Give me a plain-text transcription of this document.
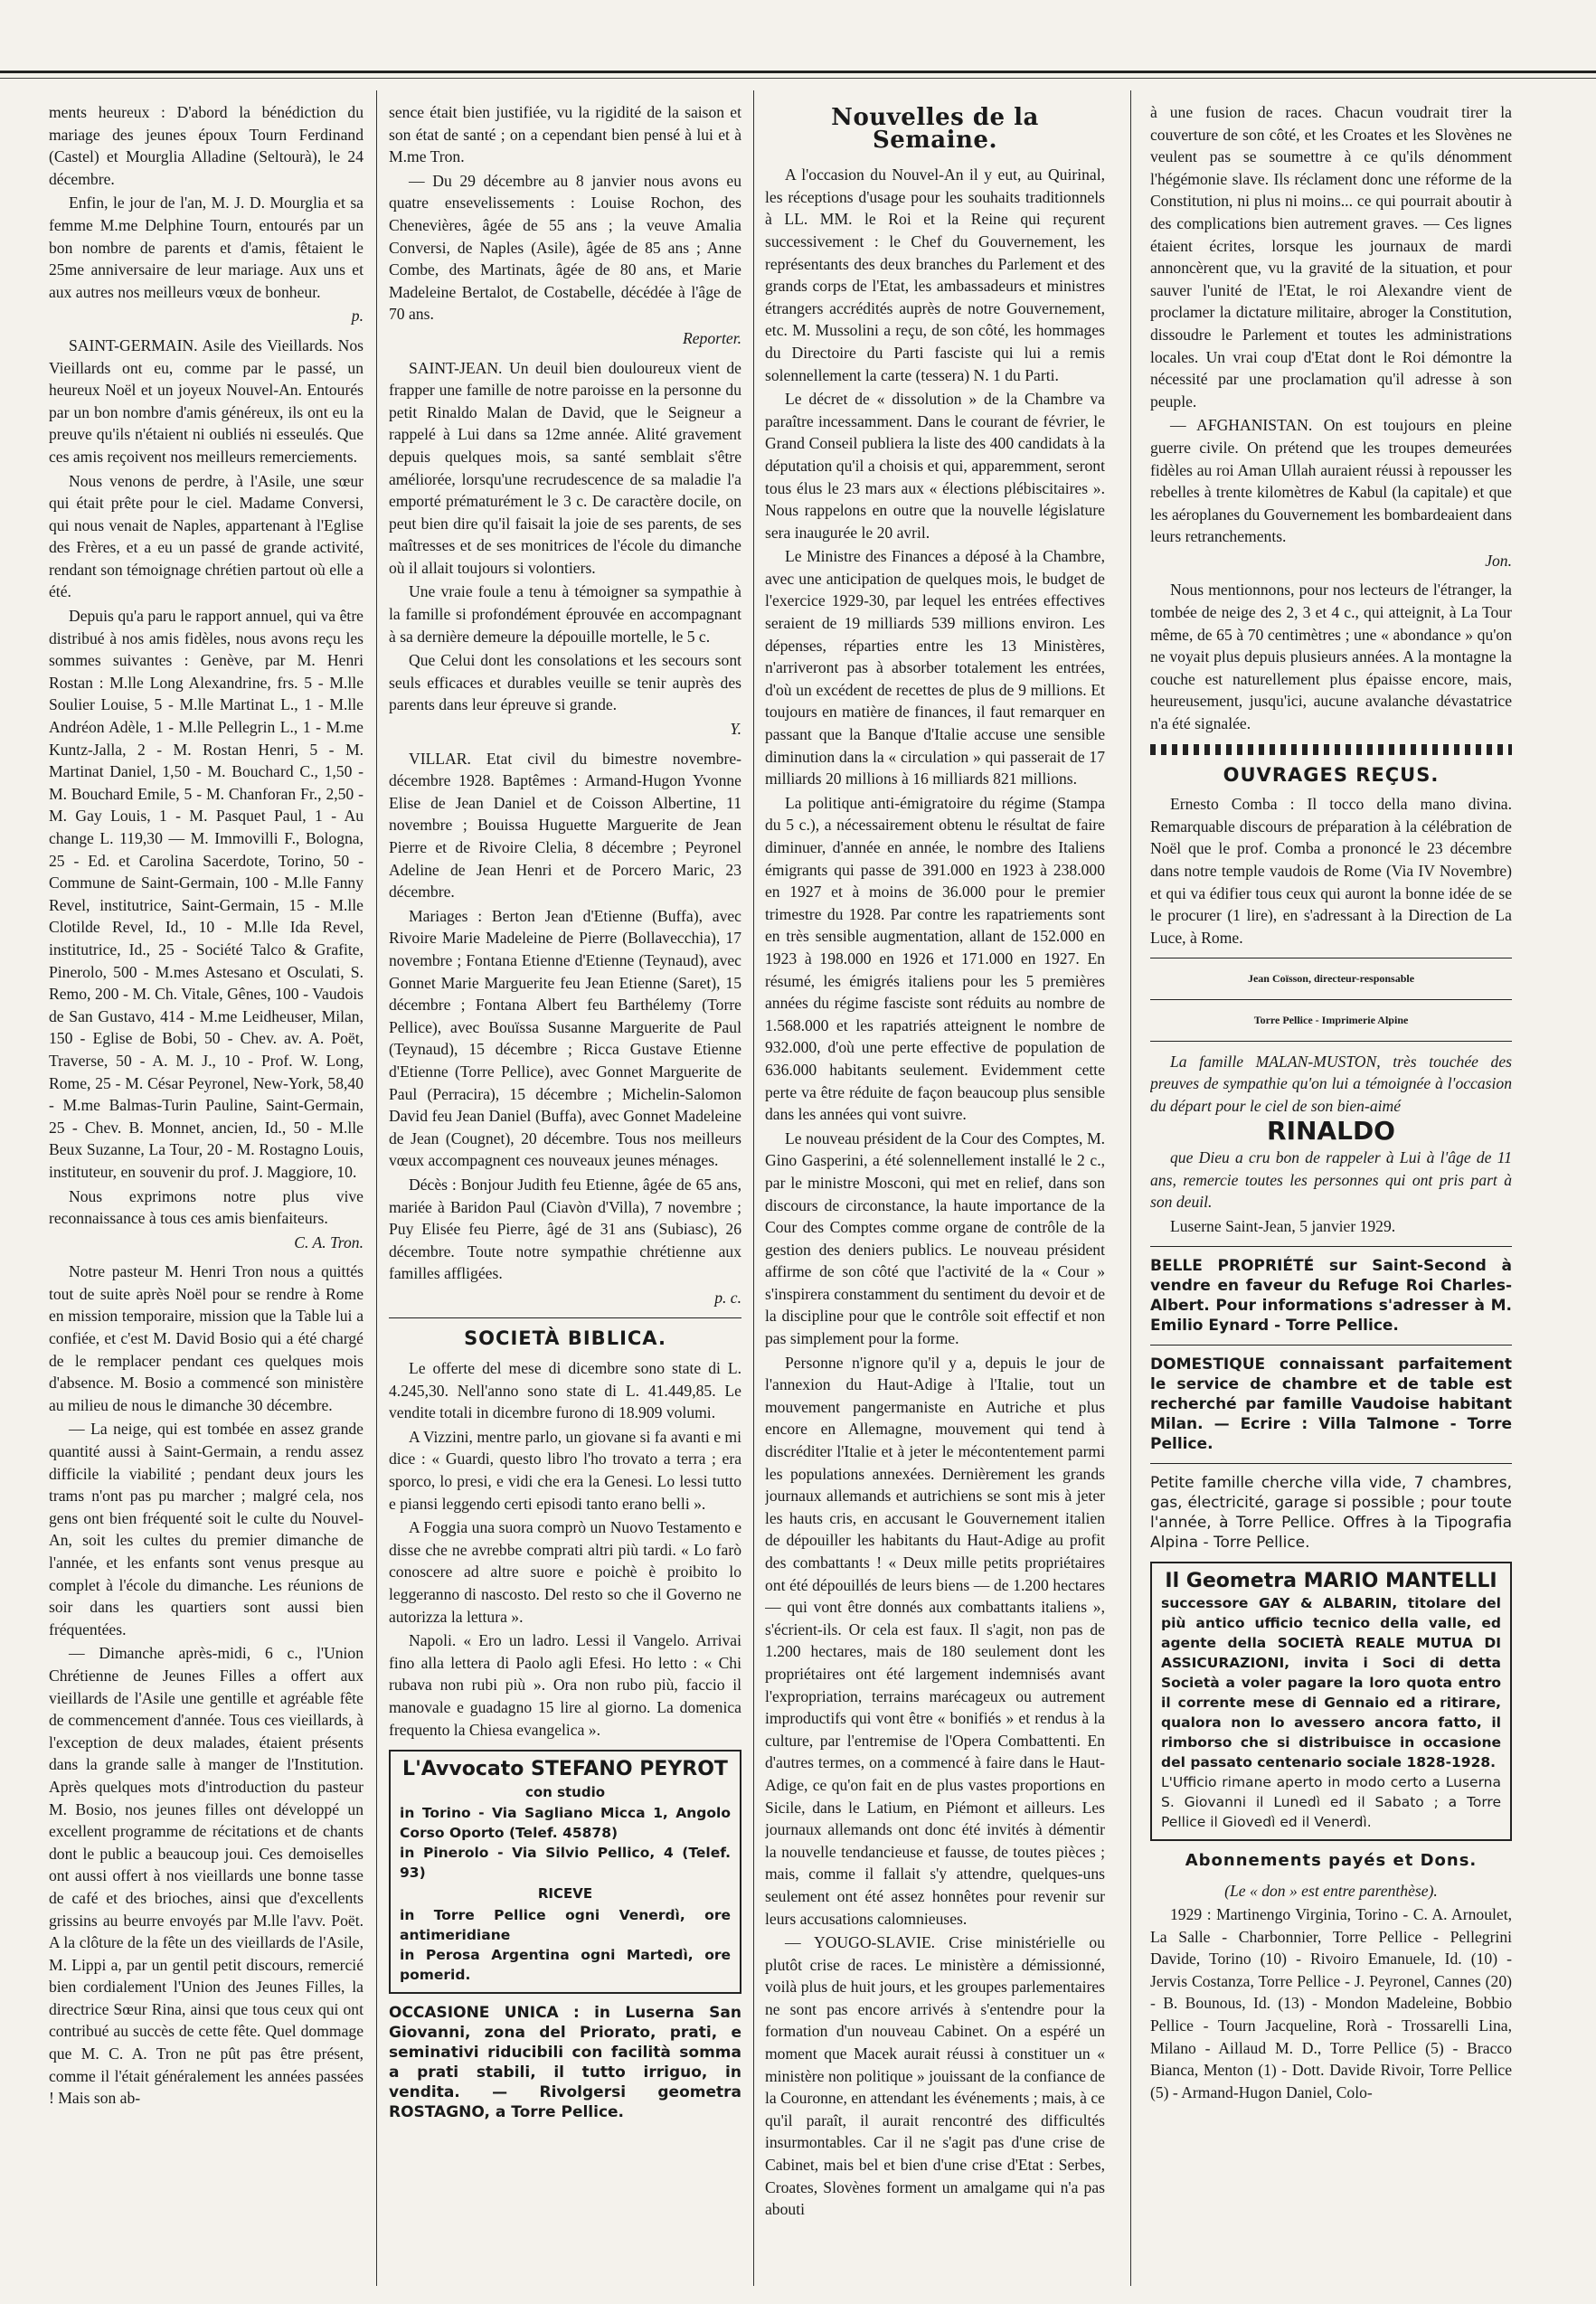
ments heureux : D'abord la bénédiction du mariage des jeunes époux Tourn Ferdinand (Castel) et Mourglia Alladine (Seltourà), le 24 décembre.

Enfin, le jour de l'an, M. J. D. Mourglia et sa femme M.me Delphine Tourn, entourés par un bon nombre de parents et d'amis, fêtaient le 25me anniversaire de leur mariage. Aux uns et aux autres nos meilleurs vœux de bonheur.

p.

SAINT-GERMAIN. Asile des Vieillards. Nos Vieillards ont eu, comme par le passé, un heureux Noël et un joyeux Nouvel-An. Entourés par un bon nombre d'amis généreux, ils ont eu la preuve qu'ils n'étaient ni oubliés ni esseulés. Que ces amis reçoivent nos meilleurs remerciements.

Nous venons de perdre, à l'Asile, une sœur qui était prête pour le ciel. Madame Conversi, qui nous venait de Naples, appartenant à l'Eglise des Frères, et a eu un passé de grande activité, rendant son témoignage chrétien partout où elle a été.

Depuis qu'a paru le rapport annuel, qui va être distribué à nos amis fidèles, nous avons reçu les sommes suivantes : Genève, par M. Henri Rostan : M.lle Long Alexandrine, frs. 5 - M.lle Soulier Louise, 5 - M.lle Martinat L., 1 - M.lle Andréon Adèle, 1 - M.lle Pellegrin L., 1 - M.me Kuntz-Jalla, 2 - M. Rostan Henri, 5 - M. Martinat Daniel, 1,50 - M. Bouchard C., 1,50 - M. Bouchard Emile, 5 - M. Chanforan Fr., 2,50 - M. Gay Louis, 1 - M. Pasquet Paul, 1 - Au change L. 119,30 — M. Immovilli F., Bologna, 25 - Ed. et Carolina Sacerdote, Torino, 50 - Commune de Saint-Germain, 100 - M.lle Fanny Revel, institutrice, Saint-Germain, 15 - M.lle Clotilde Revel, Id., 10 - M.lle Ida Revel, institutrice, Id., 25 - Société Talco & Grafite, Pinerolo, 500 - M.mes Astesano et Osculati, S. Remo, 200 - M. Ch. Vitale, Gênes, 100 - Vaudois de San Gustavo, 414 - M.me Leidheuser, Milan, 150 - Eglise de Bobi, 50 - Chev. av. A. Poët, Traverse, 50 - A. M. J., 10 - Prof. W. Long, Rome, 25 - M. César Peyronel, New-York, 58,40 - M.me Balmas-Turin Pauline, Saint-Germain, 25 - Chev. B. Monnet, ancien, Id., 50 - M.lle Beux Suzanne, La Tour, 20 - M. Rostagno Louis, instituteur, en souvenir du prof. J. Maggiore, 10.

Nous exprimons notre plus vive reconnaissance à tous ces amis bienfaiteurs.

C. A. Tron.

Notre pasteur M. Henri Tron nous a quittés tout de suite après Noël pour se rendre à Rome en mission temporaire, mission que la Table lui a confiée, et c'est M. David Bosio qui a été chargé de le remplacer pendant ces quelques mois d'absence. M. Bosio a commencé son ministère au milieu de nous le dimanche 30 décembre.

— La neige, qui est tombée en assez grande quantité aussi à Saint-Germain, a rendu assez difficile la viabilité ; pendant deux jours les trams n'ont pas pu marcher ; malgré cela, nos gens ont bien fréquenté soit le culte du Nouvel-An, soit les cultes du premier dimanche de l'année, et les enfants sont venus presque au complet à l'école du dimanche. Les réunions de soir dans les quartiers sont aussi bien fréquentées.

— Dimanche après-midi, 6 c., l'Union Chrétienne de Jeunes Filles a offert aux vieillards de l'Asile une gentille et agréable fête de commencement d'année. Tous ces vieillards, à l'exception de deux malades, étaient présents dans la grande salle à manger de l'Institution. Après quelques mots d'introduction du pasteur M. Bosio, nos jeunes filles ont développé un excellent programme de récitations et de chants dont le public a beaucoup joui. Ces demoiselles ont aussi offert à nos vieillards une bonne tasse de café et des brioches, ainsi que d'excellents grissins au beurre envoyés par M.lle l'avv. Poët. A la clôture de la fête un des vieillards de l'Asile, M. Lippi a, par un gentil petit discours, remercié bien cordialement l'Union des Jeunes Filles, la directrice Sœur Rina, ainsi que tous ceux qui ont contribué au succès de cette fête. Quel dommage que M. C. A. Tron ne pût pas être présent, comme il l'était généralement les années passées ! Mais son ab-

sence était bien justifiée, vu la rigidité de la saison et son état de santé ; on a cependant bien pensé à lui et à M.me Tron.

— Du 29 décembre au 8 janvier nous avons eu quatre ensevelissements : Louise Rochon, des Chenevières, âgée de 55 ans ; la veuve Amalia Conversi, de Naples (Asile), âgée de 85 ans ; Anne Combe, des Martinats, âgée de 80 ans, et Marie Madeleine Bertalot, de Costabelle, décédée à l'âge de 70 ans.

Reporter.

SAINT-JEAN. Un deuil bien douloureux vient de frapper une famille de notre paroisse en la personne du petit Rinaldo Malan de David, que le Seigneur a rappelé à Lui dans sa 12me année. Alité gravement depuis quelques mois, sa santé semblait s'être améliorée, lorsqu'une recrudescence de sa maladie l'a emporté prématurément le 3 c. De caractère docile, on peut bien dire qu'il faisait la joie de ses parents, de ses maîtresses et de ses monitrices de l'école du dimanche où il allait toujours si volontiers.

Une vraie foule a tenu à témoigner sa sympathie à la famille si profondément éprouvée en accompagnant à sa dernière demeure la dépouille mortelle, le 5 c.

Que Celui dont les consolations et les secours sont seuls efficaces et durables veuille se tenir auprès des parents dans leur épreuve si grande.

Y.

VILLAR. Etat civil du bimestre novembre-décembre 1928. Baptêmes : Armand-Hugon Yvonne Elise de Jean Daniel et de Coisson Albertine, 11 novembre ; Bouissa Huguette Marguerite de Jean Pierre et de Rivoire Clelia, 8 décembre ; Peyronel Adeline de Jean Henri et de Porcero Maric, 23 décembre.

Mariages : Berton Jean d'Etienne (Buffa), avec Rivoire Marie Madeleine de Pierre (Bollavecchia), 17 novembre ; Fontana Etienne d'Etienne (Teynaud), avec Gonnet Marie Marguerite feu Jean Etienne (Saret), 15 décembre ; Fontana Albert feu Barthélemy (Torre Pellice), avec Bouïssa Susanne Marguerite de Paul (Teynaud), 15 décembre ; Ricca Gustave Etienne d'Etienne (Torre Pellice), avec Gonnet Marguerite de Paul (Perracira), 15 décembre ; Michelin-Salomon David feu Jean Daniel (Buffa), avec Gonnet Madeleine de Jean (Cougnet), 20 décembre. Tous nos meilleurs vœux accompagnent ces nouveaux jeunes ménages.

Décès : Bonjour Judith feu Etienne, âgée de 65 ans, mariée à Baridon Paul (Ciavòn d'Villa), 7 novembre ; Puy Elisée feu Pierre, âgé de 31 ans (Subiasc), 26 décembre. Toute notre sympathie chrétienne aux familles affligées.

p. c.

SOCIETÀ BIBLICA.

Le offerte del mese di dicembre sono state di L. 4.245,30. Nell'anno sono state di L. 41.449,85. Le vendite totali in dicembre furono di 18.909 volumi.

A Vizzini, mentre parlo, un giovane si fa avanti e mi dice : « Guardi, questo libro l'ho trovato a terra ; era sporco, lo presi, e vidi che era la Genesi. Lo lessi tutto e piansi leggendo certi episodi tanto erano belli ».

A Foggia una suora comprò un Nuovo Testamento e disse che ne avrebbe comprati altri più tardi. « Lo farò conoscere ad altre suore e poichè è proibito lo leggeranno di nascosto. Del resto so che il Governo ne autorizza la lettura ».

Napoli. « Ero un ladro. Lessi il Vangelo. Arrivai fino alla lettera di Paolo agli Efesi. Ho letto : « Chi rubava non rubi più ». Ora non rubo più, faccio il manovale e guadagno 15 lire al giorno. La domenica frequento la Chiesa evangelica ».

L'Avvocato STEFANO PEYROT
con studio
in Torino - Via Sagliano Micca 1, Angolo Corso Oporto (Telef. 45878)
in Pinerolo - Via Silvio Pellico, 4 (Telef. 93)
RICEVE
in Torre Pellice ogni Venerdì, ore antimeridiane
in Perosa Argentina ogni Martedì, ore pomerid.

OCCASIONE UNICA : in Luserna San Giovanni, zona del Priorato, prati, e seminativi riducibili con facilità somma a prati stabili, il tutto irriguo, in vendita. — Rivolgersi geometra ROSTAGNO, a Torre Pellice.

Nouvelles de la Semaine.

A l'occasion du Nouvel-An il y eut, au Quirinal, les réceptions d'usage pour les souhaits traditionnels à LL. MM. le Roi et la Reine qui reçurent successivement : le Chef du Gouvernement, les représentants des deux branches du Parlement et des grands corps de l'Etat, les ambassadeurs et ministres étrangers accrédités auprès de notre Gouvernement, etc. M. Mussolini a reçu, de son côté, les hommages du Directoire du Parti fasciste qui lui a remis solennellement la carte (tessera) N. 1 du Parti.

Le décret de « dissolution » de la Chambre va paraître incessamment. Dans le courant de février, le Grand Conseil publiera la liste des 400 candidats à la députation qu'il a choisis et qui, apparemment, seront tous élus le 23 mars aux « élections plébiscitaires ». Nous rappelons en outre que la nouvelle législature sera inaugurée le 20 avril.

Le Ministre des Finances a déposé à la Chambre, avec une anticipation de quelques mois, le budget de l'exercice 1929-30, par lequel les entrées effectives seraient de 19 milliards 539 millions environ. Les dépenses, réparties entre les 13 Ministères, n'arriveront pas à absorber totalement les entrées, d'où un excédent de recettes de plus de 9 millions. Et toujours en matière de finances, il faut remarquer en passant que la Banque d'Italie accuse une sensible diminution dans la « circulation » qui passerait de 17 milliards 20 millions à 16 milliards 821 millions.

La politique anti-émigratoire du régime (Stampa du 5 c.), a nécessairement obtenu le résultat de faire diminuer, d'année en année, le nombre des Italiens émigrants qui passe de 391.000 en 1923 à 238.000 en 1927 et à moins de 36.000 pour le premier trimestre du 1928. Par contre les rapatriements sont en très sensible augmentation, allant de 152.000 en 1923 à 198.000 en 1926 et 171.000 en 1927. En résumé, les émigrés italiens pour les 5 premières années du régime fasciste sont réduits au nombre de 1.568.000 et les rapatriés atteignent le nombre de 932.000, d'où une perte effective de population de 636.000 habitants seulement. Evidemment cette perte va être réduite de façon beaucoup plus sensible dans les années qui vont suivre.

Le nouveau président de la Cour des Comptes, M. Gino Gasperini, a été solennellement installé le 2 c., par le ministre Mosconi, qui met en relief, dans son discours de circonstance, la haute importance de la Cour des Comptes comme organe de contrôle de la gestion des deniers publics. Le nouveau président affirme de son côté que l'activité de la « Cour » s'inspirera constamment du sentiment du devoir et de la discipline pour que le contrôle soit effectif et non pas simplement pour la forme.

Personne n'ignore qu'il y a, depuis le jour de l'annexion du Haut-Adige à l'Italie, tout un mouvement pangermaniste en Autriche et plus encore en Allemagne, mouvement qui tend à discréditer l'Italie et à jeter le mécontentement parmi les populations annexées. Dernièrement les grands journaux allemands et autrichiens se sont mis à jeter les hauts cris, en accusant le Gouvernement italien de dépouiller les habitants du Haut-Adige au profit des combattants ! « Deux mille petits propriétaires ont été dépouillés de leurs biens — de 1.200 hectares — qui vont être donnés aux combattants italiens », s'écrient-ils. Or cela est faux. Il s'agit, non pas de 1.200 hectares, mais de 180 seulement dont les propriétaires ont été largement indemnisés avant l'expropriation, terrains marécageux ou autrement improductifs qui vont être « bonifiés » et rendus à la culture, par l'entremise de l'Opera Combattenti. En d'autres termes, on a commencé à faire dans le Haut-Adige, ce qu'on fait en de plus vastes proportions en Sicile, dans le Latium, en Piémont et ailleurs. Les journaux allemands ont donc été invités à démentir la nouvelle tendancieuse et fausse, de toutes pièces ; mais, comme il fallait s'y attendre, quelques-uns seulement ont été assez honnêtes pour revenir sur leurs accusations calomnieuses.

— YOUGO-SLAVIE. Crise ministérielle ou plutôt crise de races. Le ministère a démissionné, voilà plus de huit jours, et les groupes parlementaires ne sont pas encore arrivés à s'entendre pour la formation d'un nouveau Cabinet. On a espéré un moment que Macek aurait réussi à constituer un « ministère non politique » jouissant de la confiance de la Couronne, en attendant les événements ; mais, à ce qu'il paraît, il aurait rencontré des difficultés insurmontables. Car il ne s'agit pas d'une crise de Cabinet, mais bel et bien d'une crise d'Etat : Serbes, Croates, Slovènes forment un amalgame qui n'a pas abouti

à une fusion de races. Chacun voudrait tirer la couverture de son côté, et les Croates et les Slovènes ne veulent pas se soumettre à ce qu'ils dénomment l'hégémonie slave. Ils réclament donc une réforme de la Constitution, ni plus ni moins... ce qui pourrait aboutir à des complications bien autrement graves. — Ces lignes étaient écrites, lorsque les journaux de mardi annoncèrent que, vu la gravité de la situation, et pour sauver l'unité de l'Etat, le roi Alexandre vient de proclamer la dictature militaire, abroger la Constitution, dissoudre le Parlement et toutes les administrations locales. Un vrai coup d'Etat dont le Roi démontre la nécessité par une proclamation qu'il adresse à son peuple.

— AFGHANISTAN. On est toujours en pleine guerre civile. On prétend que les troupes demeurées fidèles au roi Aman Ullah auraient réussi à repousser les rebelles à trente kilomètres de Kabul (la capitale) et que les aéroplanes du Gouvernement les bombardeaient dans leurs retranchements.

Jon.

Nous mentionnons, pour nos lecteurs de l'étranger, la tombée de neige des 2, 3 et 4 c., qui atteignit, à La Tour même, de 65 à 70 centimètres ; une « abondance » qu'on ne voyait plus depuis plusieurs années. A la montagne la couche est naturellement plus épaisse encore, mais, heureusement, jusqu'ici, aucune avalanche dévastatrice n'a été signalée.

OUVRAGES REÇUS.

Ernesto Comba : Il tocco della mano divina. Remarquable discours de préparation à la célébration de Noël que le prof. Comba a prononcé le 23 décembre dans notre temple vaudois de Rome (Via IV Novembre) et qui va édifier tous ceux qui auront la bonne idée de se le procurer (1 lire), en s'adressant à la Direction de La Luce, à Rome.

Jean Coïsson, directeur-responsable

Torre Pellice - Imprimerie Alpine

La famille MALAN-MUSTON, très touchée des preuves de sympathie qu'on lui a témoignée à l'occasion du départ pour le ciel de son bien-aimé

RINALDO

que Dieu a cru bon de rappeler à Lui à l'âge de 11 ans, remercie toutes les personnes qui ont pris part à son deuil.

Luserne Saint-Jean, 5 janvier 1929.

BELLE PROPRIÉTÉ sur Saint-Second à vendre en faveur du Refuge Roi Charles-Albert. Pour informations s'adresser à M. Emilio Eynard - Torre Pellice.

DOMESTIQUE connaissant parfaitement le service de chambre et de table est recherché par famille Vaudoise habitant Milan. — Ecrire : Villa Talmone - Torre Pellice.

Petite famille cherche villa vide, 7 chambres, gas, électricité, garage si possible ; pour toute l'année, à Torre Pellice. Offres à la Tipografia Alpina - Torre Pellice.

Il Geometra MARIO MANTELLI
successore GAY & ALBARIN, titolare del più antico ufficio tecnico della valle, ed agente della SOCIETÀ REALE MUTUA DI ASSICURAZIONI, invita i Soci di detta Società a voler pagare la loro quota entro il corrente mese di Gennaio ed a ritirare, qualora non lo avessero ancora fatto, il rimborso che si distribuisce in occasione del passato centenario sociale 1828-1928.
L'Ufficio rimane aperto in modo certo a Luserna S. Giovanni il Lunedì ed il Sabato ; a Torre Pellice il Giovedì ed il Venerdì.
Abonnements payés et Dons.

(Le « don » est entre parenthèse).

1929 : Martinengo Virginia, Torino - C. A. Arnoulet, La Salle - Charbonnier, Torre Pellice - Pellegrini Davide, Torino (10) - Rivoiro Emanuele, Id. (10) - Jervis Costanza, Torre Pellice - J. Peyronel, Cannes (20) - B. Bounous, Id. (13) - Mondon Madeleine, Bobbio Pellice - Tourn Jacqueline, Rorà - Trossarelli Lina, Milano - Aillaud M. D., Torre Pellice (5) - Bracco Bianca, Menton (1) - Dott. Davide Rivoir, Torre Pellice (5) - Armand-Hugon Daniel, Colo-
